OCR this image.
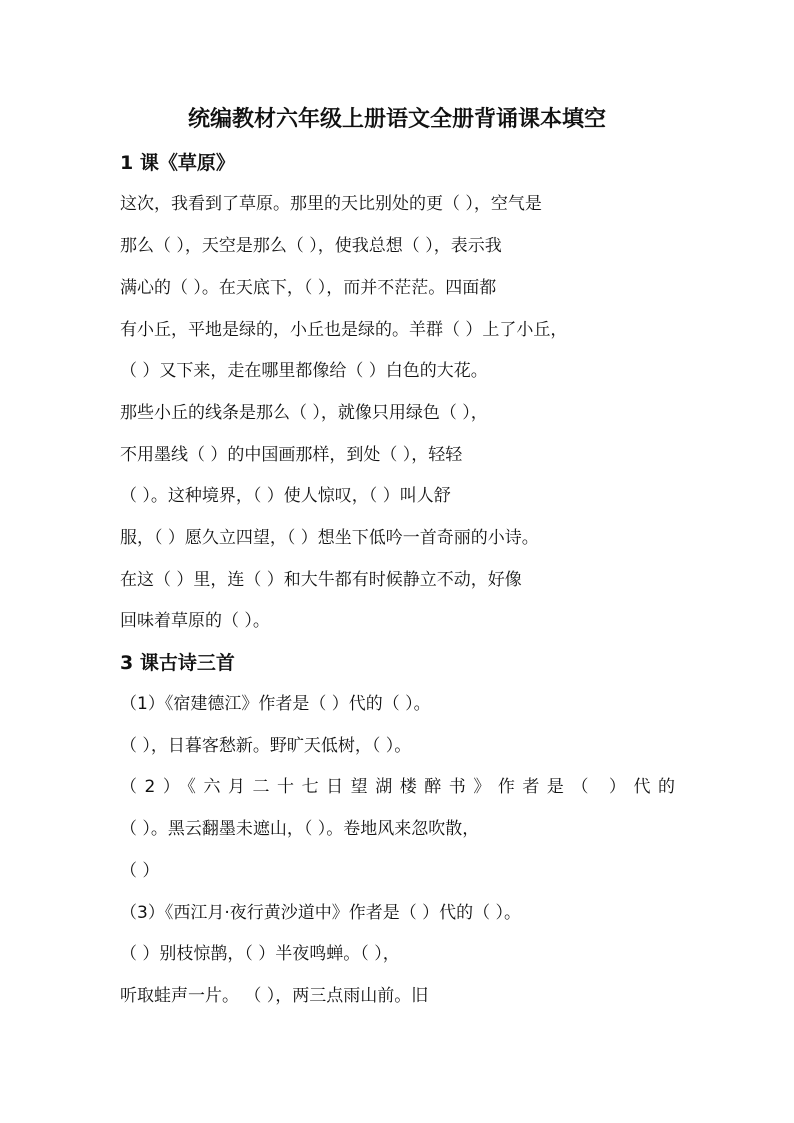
统编教材六年级上册语文全册背诵课本填空
1 课《草原》
这次，我看到了草原。那里的天比别处的更（ ），空气是
那么（ ），天空是那么（ ），使我总想（ ），表示我
满心的（ ）。在天底下，（ ），而并不茫茫。四面都
有小丘，平地是绿的，小丘也是绿的。羊群（ ）上了小丘，
（ ）又下来，走在哪里都像给（ ）白色的大花。
那些小丘的线条是那么（ ），就像只用绿色（ ），
不用墨线（ ）的中国画那样，到处（ ），轻轻
（ ）。这种境界，（ ）使人惊叹，（ ）叫人舒
服，（ ）愿久立四望，（ ）想坐下低吟一首奇丽的小诗。
在这（ ）里，连（ ）和大牛都有时候静立不动，好像
回味着草原的（ ）。
3 课古诗三首
（1）《宿建德江》作者是（ ）代的（ ）。
（ ），日暮客愁新。野旷天低树，（ ）。
（2）《六月二十七日望湖楼醉书》作者是（ ）代的
（ ）。黑云翻墨未遮山，（ ）。卷地风来忽吹散，
（ ）
（3）《西江月·夜行黄沙道中》作者是（ ）代的（ ）。
（ ）别枝惊鹊，（ ）半夜鸣蝉。（ ），
听取蛙声一片。 （ ），两三点雨山前。旧
